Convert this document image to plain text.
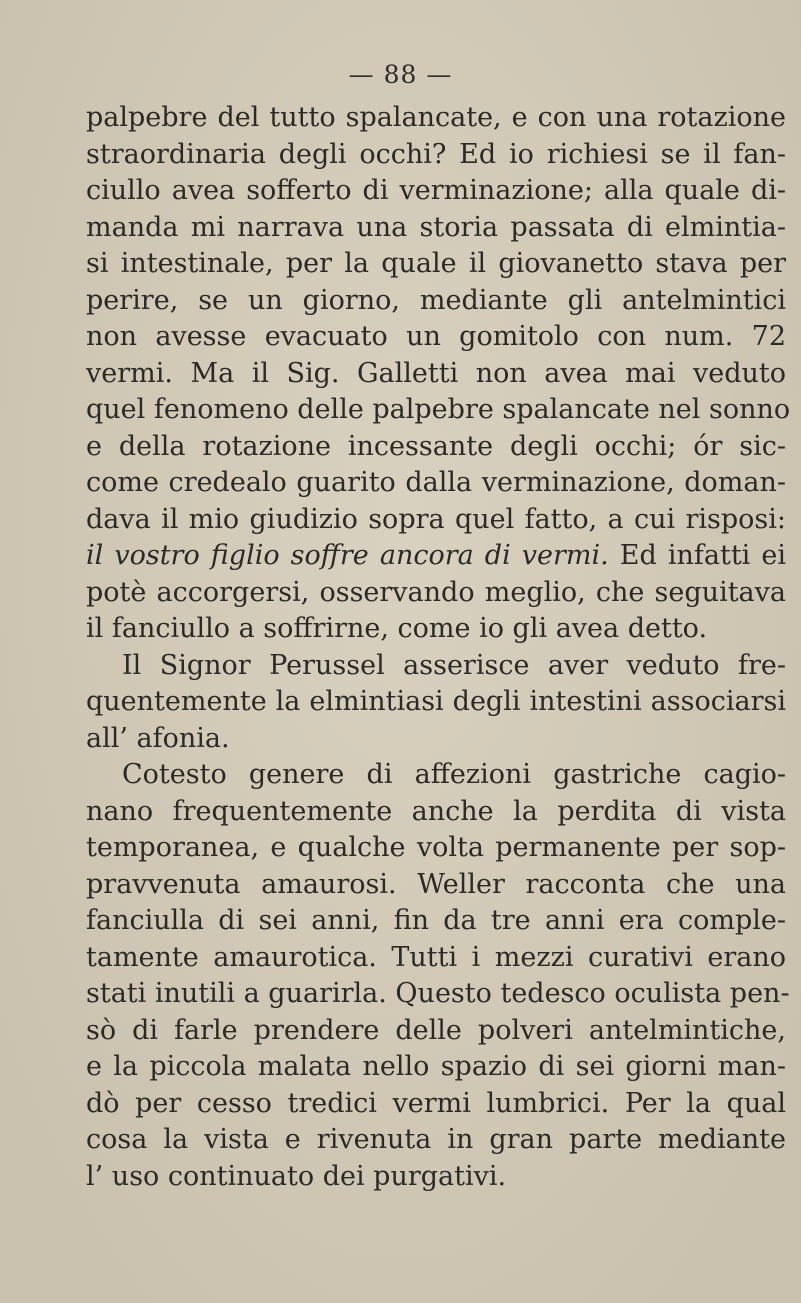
— 88 —
palpebre del tutto spalancate, e con una rotazione
straordinaria degli occhi? Ed io richiesi se il fan-
ciullo avea sofferto di verminazione; alla quale di-
manda mi narrava una storia passata di elmintia-
si intestinale, per la quale il giovanetto stava per
perire, se un giorno, mediante gli antelmintici
non avesse evacuato un gomitolo con num. 72
vermi. Ma il Sig. Galletti non avea mai veduto
quel fenomeno delle palpebre spalancate nel sonno
e della rotazione incessante degli occhi; ór sic-
come credealo guarito dalla verminazione, doman-
dava il mio giudizio sopra quel fatto, a cui risposi:
il vostro figlio soffre ancora di vermi. Ed infatti ei
potè accorgersi, osservando meglio, che seguitava
il fanciullo a soffrirne, come io gli avea detto.
Il Signor Perussel asserisce aver veduto fre-
quentemente la elmintiasi degli intestini associarsi
all’ afonia.
Cotesto genere di affezioni gastriche cagio-
nano frequentemente anche la perdita di vista
temporanea, e qualche volta permanente per sop-
pravvenuta amaurosi. Weller racconta che una
fanciulla di sei anni, fin da tre anni era comple-
tamente amaurotica. Tutti i mezzi curativi erano
stati inutili a guarirla. Questo tedesco oculista pen-
sò di farle prendere delle polveri antelmintiche,
e la piccola malata nello spazio di sei giorni man-
dò per cesso tredici vermi lumbrici. Per la qual
cosa la vista e rivenuta in gran parte mediante
l’ uso continuato dei purgativi.
